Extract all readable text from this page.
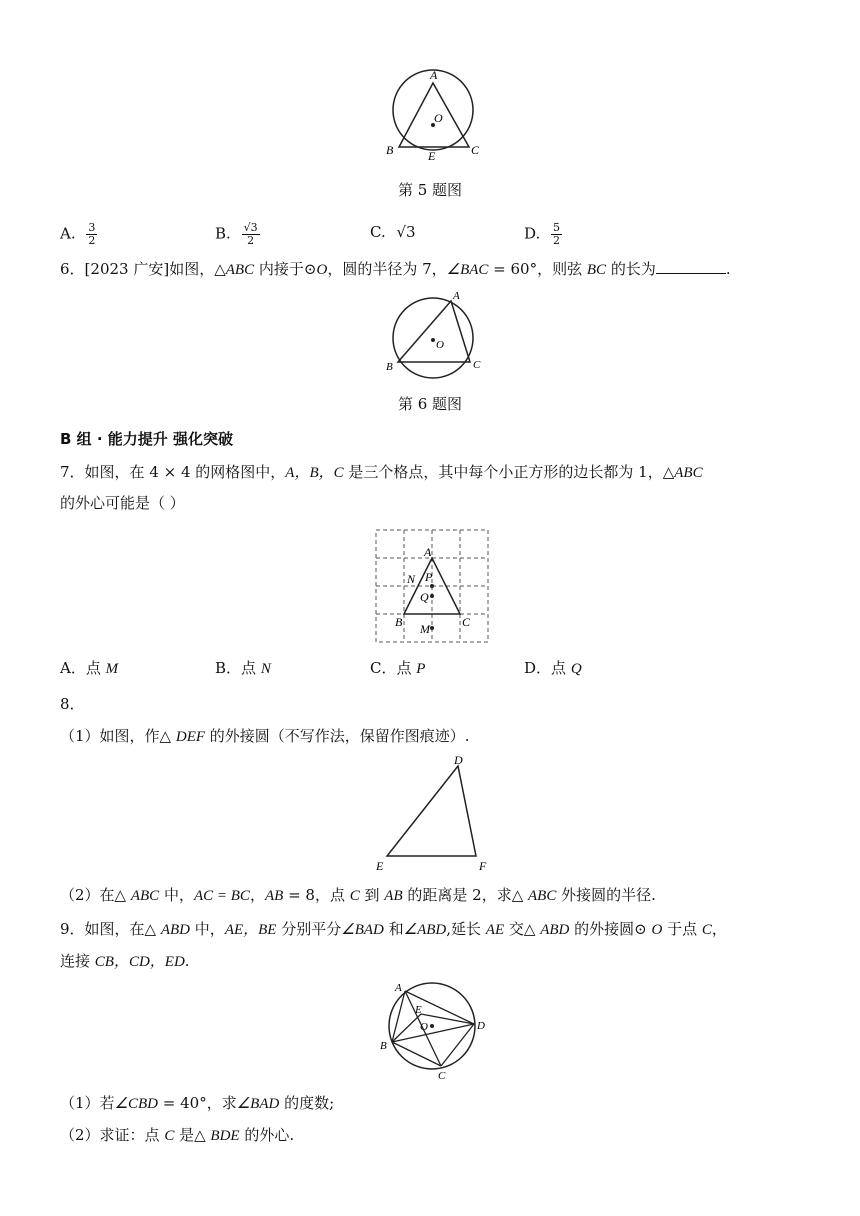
A
O
B	E	C
第 5 题图
A. $\frac{3}{2}$	B. $\frac{√3}{2}$	C. √3	D. $\frac{5}{2}$
6．[2023 广安]如图，△ABC 内接于⊙O，圆的半径为 7，∠BAC = 60°，则弦 BC 的长为	.
A
O
B	C
第 6 题图
B 组 · 能力提升 强化突破
7．如图，在 4 × 4 的网格图中，A，B，C 是三个格点，其中每个小正方形的边长都为 1，△ABC
的外心可能是（ ）
A
N P
Q
B M	C
A．点 M	B．点 N	C．点 P	D．点 Q
8．
（1）如图，作△ DEF 的外接圆（不写作法，保留作图痕迹）.
D
E	F
（2）在△ ABC 中，AC = BC，AB = 8，点 C 到 AB 的距离是 2，求△ ABC 外接圆的半径.
9．如图，在△ ABD 中，AE，BE 分别平分∠BAD 和∠ABD,延长 AE 交△ ABD 的外接圆⊙ O 于点 C，
连接 CB，CD，ED.
A
E
O	D
B
C
（1）若∠CBD = 40°，求∠BAD 的度数;
（2）求证：点 C 是△ BDE 的外心.
